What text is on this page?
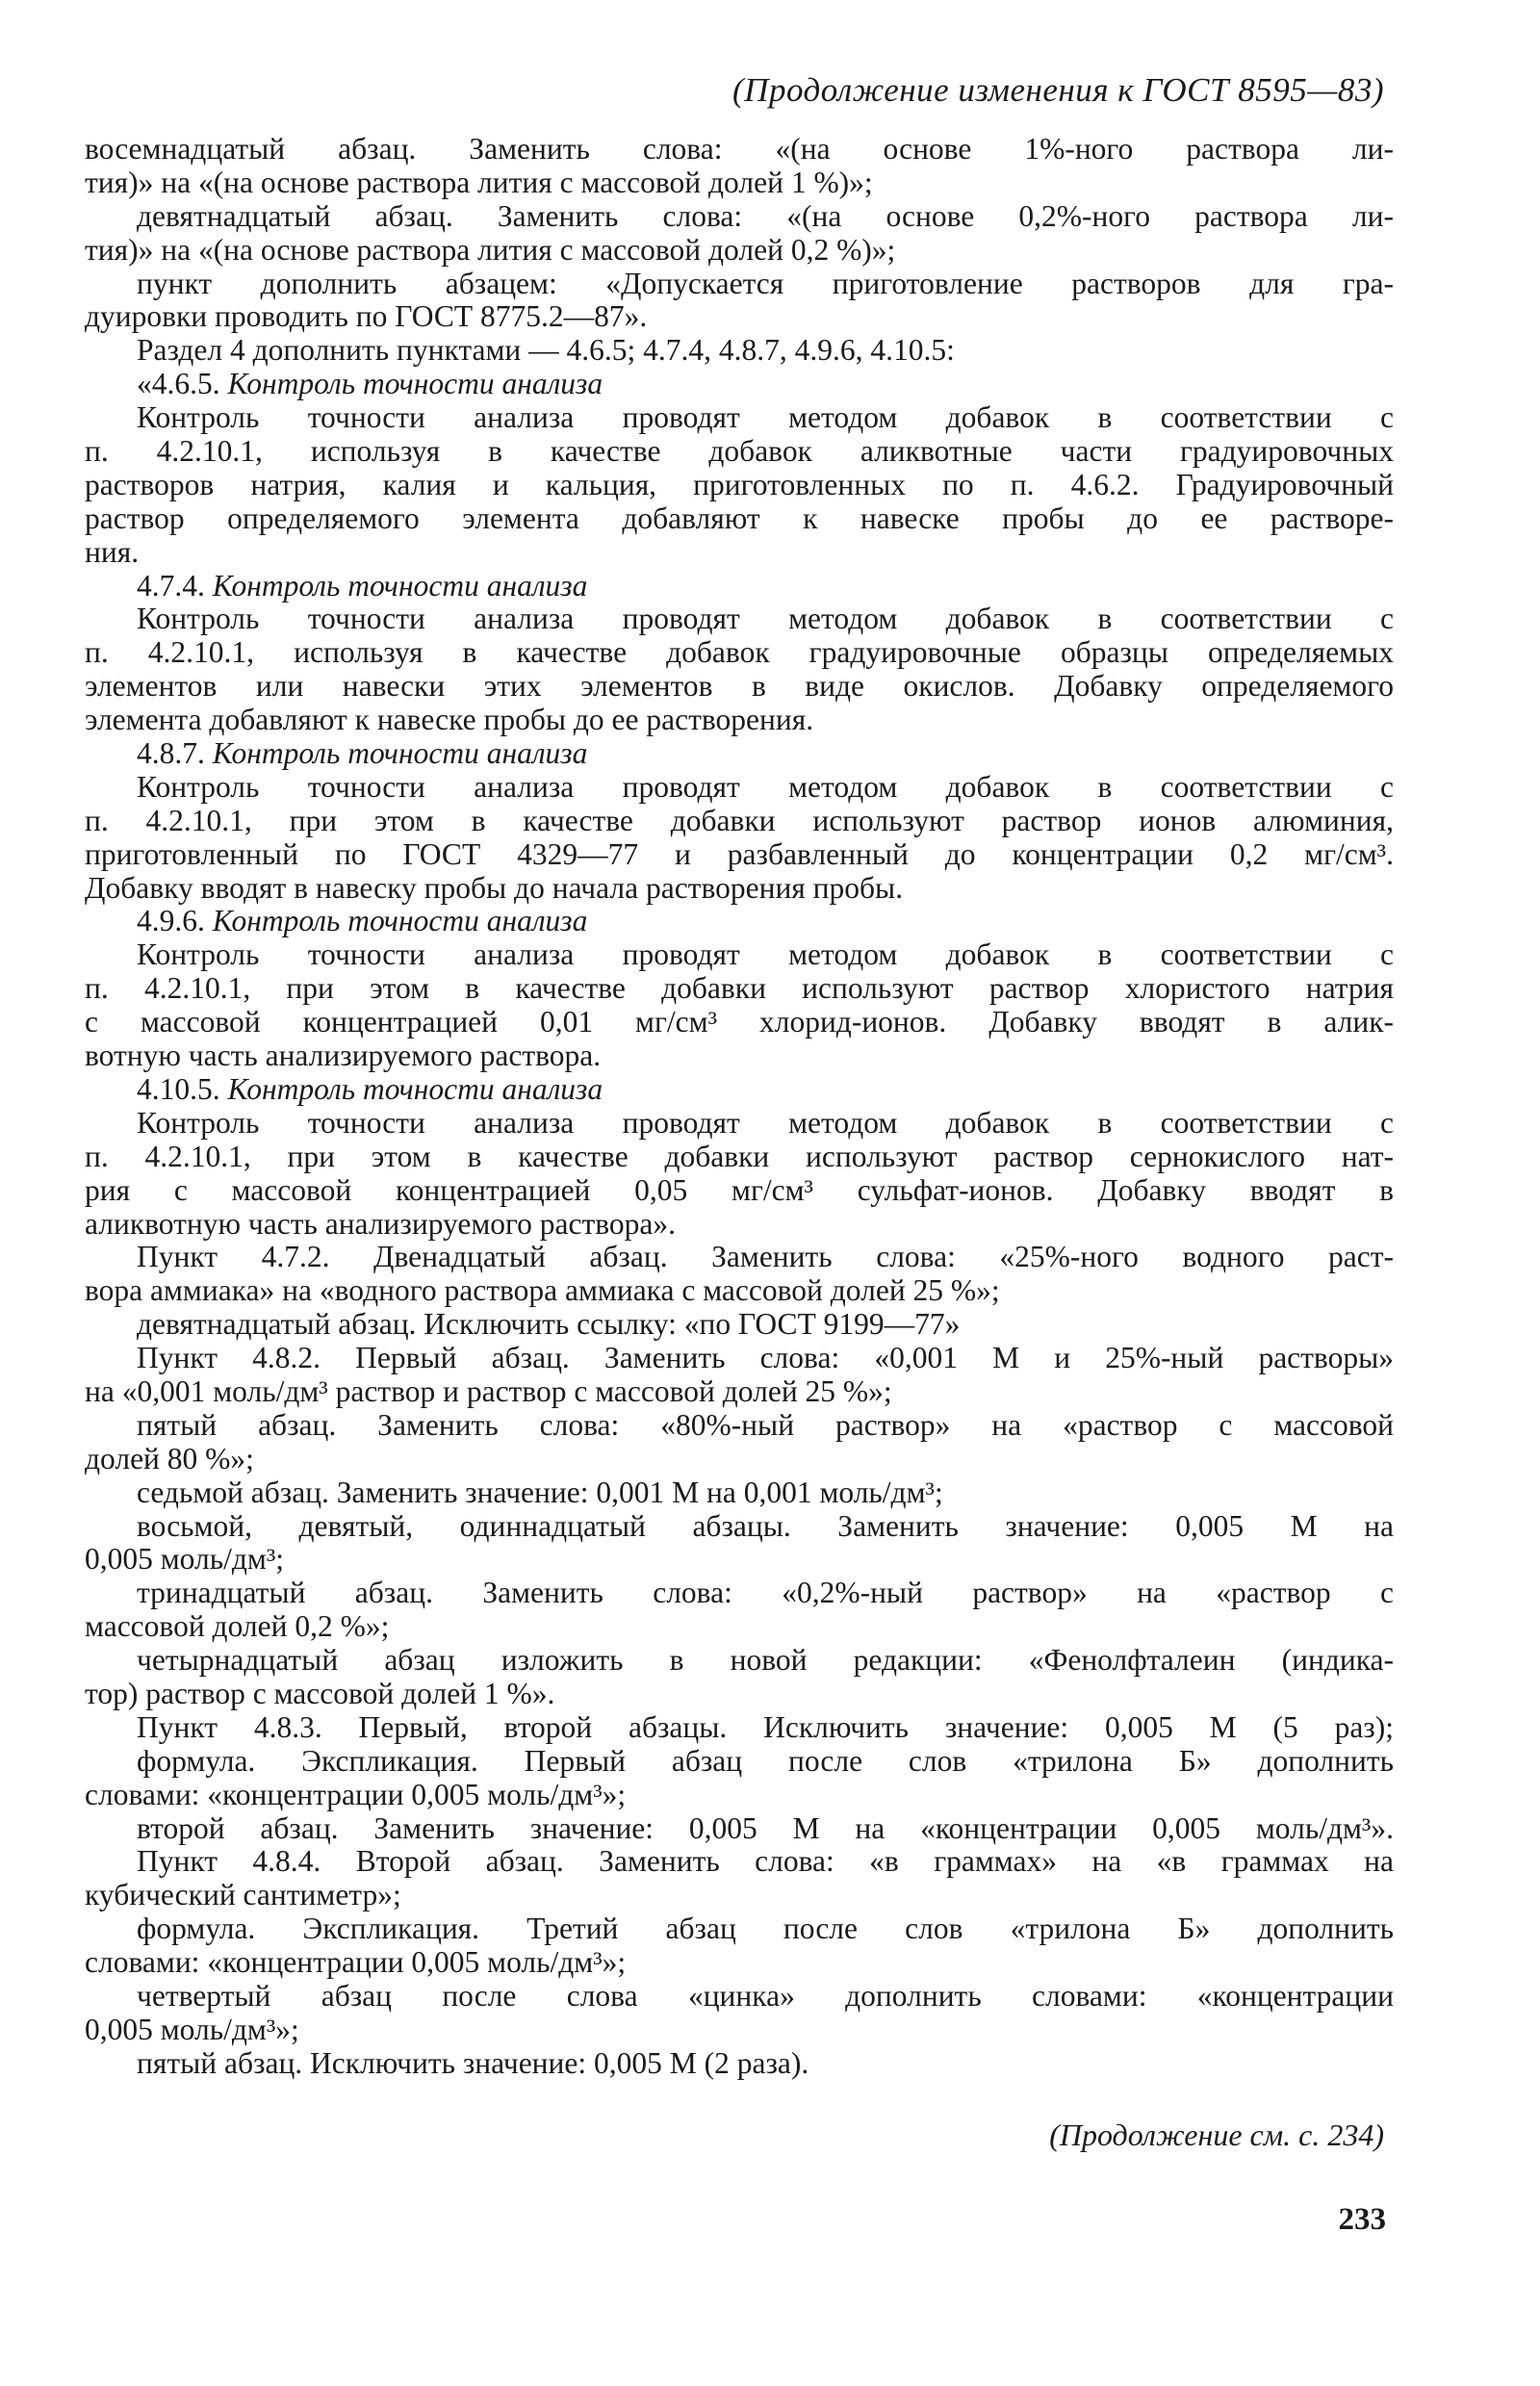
(Продолжение изменения к ГОСТ 8595—83)
восемнадцатый абзац. Заменить слова: «(на основе 1%-ного раствора ли-
тия)» на «(на основе раствора лития с массовой долей 1 %)»;
девятнадцатый абзац. Заменить слова: «(на основе 0,2%-ного раствора ли-
тия)» на «(на основе раствора лития с массовой долей 0,2 %)»;
пункт дополнить абзацем: «Допускается приготовление растворов для гра-
дуировки проводить по ГОСТ 8775.2—87».
Раздел 4 дополнить пунктами — 4.6.5; 4.7.4, 4.8.7, 4.9.6, 4.10.5:
«4.6.5. Контроль точности анализа
Контроль точности анализа проводят методом добавок в соответствии с
п. 4.2.10.1, используя в качестве добавок аликвотные части градуировочных
растворов натрия, калия и кальция, приготовленных по п. 4.6.2. Градуировочный
раствор определяемого элемента добавляют к навеске пробы до ее растворе-
ния.
4.7.4. Контроль точности анализа
Контроль точности анализа проводят методом добавок в соответствии с
п. 4.2.10.1, используя в качестве добавок градуировочные образцы определяемых
элементов или навески этих элементов в виде окислов. Добавку определяемого
элемента добавляют к навеске пробы до ее растворения.
4.8.7. Контроль точности анализа
Контроль точности анализа проводят методом добавок в соответствии с
п. 4.2.10.1, при этом в качестве добавки используют раствор ионов алюминия,
приготовленный по ГОСТ 4329—77 и разбавленный до концентрации 0,2 мг/см³.
Добавку вводят в навеску пробы до начала растворения пробы.
4.9.6. Контроль точности анализа
Контроль точности анализа проводят методом добавок в соответствии с
п. 4.2.10.1, при этом в качестве добавки используют раствор хлористого натрия
с массовой концентрацией 0,01 мг/см³ хлорид-ионов. Добавку вводят в алик-
вотную часть анализируемого раствора.
4.10.5. Контроль точности анализа
Контроль точности анализа проводят методом добавок в соответствии с
п. 4.2.10.1, при этом в качестве добавки используют раствор сернокислого нат-
рия с массовой концентрацией 0,05 мг/см³ сульфат-ионов. Добавку вводят в
аликвотную часть анализируемого раствора».
Пункт 4.7.2. Двенадцатый абзац. Заменить слова: «25%-ного водного раст-
вора аммиака» на «водного раствора аммиака с массовой долей 25 %»;
девятнадцатый абзац. Исключить ссылку: «по ГОСТ 9199—77»
Пункт 4.8.2. Первый абзац. Заменить слова: «0,001 М и 25%-ный растворы»
на «0,001 моль/дм³ раствор и раствор с массовой долей 25 %»;
пятый абзац. Заменить слова: «80%-ный раствор» на «раствор с массовой
долей 80 %»;
седьмой абзац. Заменить значение: 0,001 М на 0,001 моль/дм³;
восьмой, девятый, одиннадцатый абзацы. Заменить значение: 0,005 М на
0,005 моль/дм³;
тринадцатый абзац. Заменить слова: «0,2%-ный раствор» на «раствор с
массовой долей 0,2 %»;
четырнадцатый абзац изложить в новой редакции: «Фенолфталеин (индика-
тор) раствор с массовой долей 1 %».
Пункт 4.8.3. Первый, второй абзацы. Исключить значение: 0,005 М (5 раз);
формула. Экспликация. Первый абзац после слов «трилона Б» дополнить
словами: «концентрации 0,005 моль/дм³»;
второй абзац. Заменить значение: 0,005 М на «концентрации 0,005 моль/дм³».
Пункт 4.8.4. Второй абзац. Заменить слова: «в граммах» на «в граммах на
кубический сантиметр»;
формула. Экспликация. Третий абзац после слов «трилона Б» дополнить
словами: «концентрации 0,005 моль/дм³»;
четвертый абзац после слова «цинка» дополнить словами: «концентрации
0,005 моль/дм³»;
пятый абзац. Исключить значение: 0,005 М (2 раза).
(Продолжение см. с. 234)
233
